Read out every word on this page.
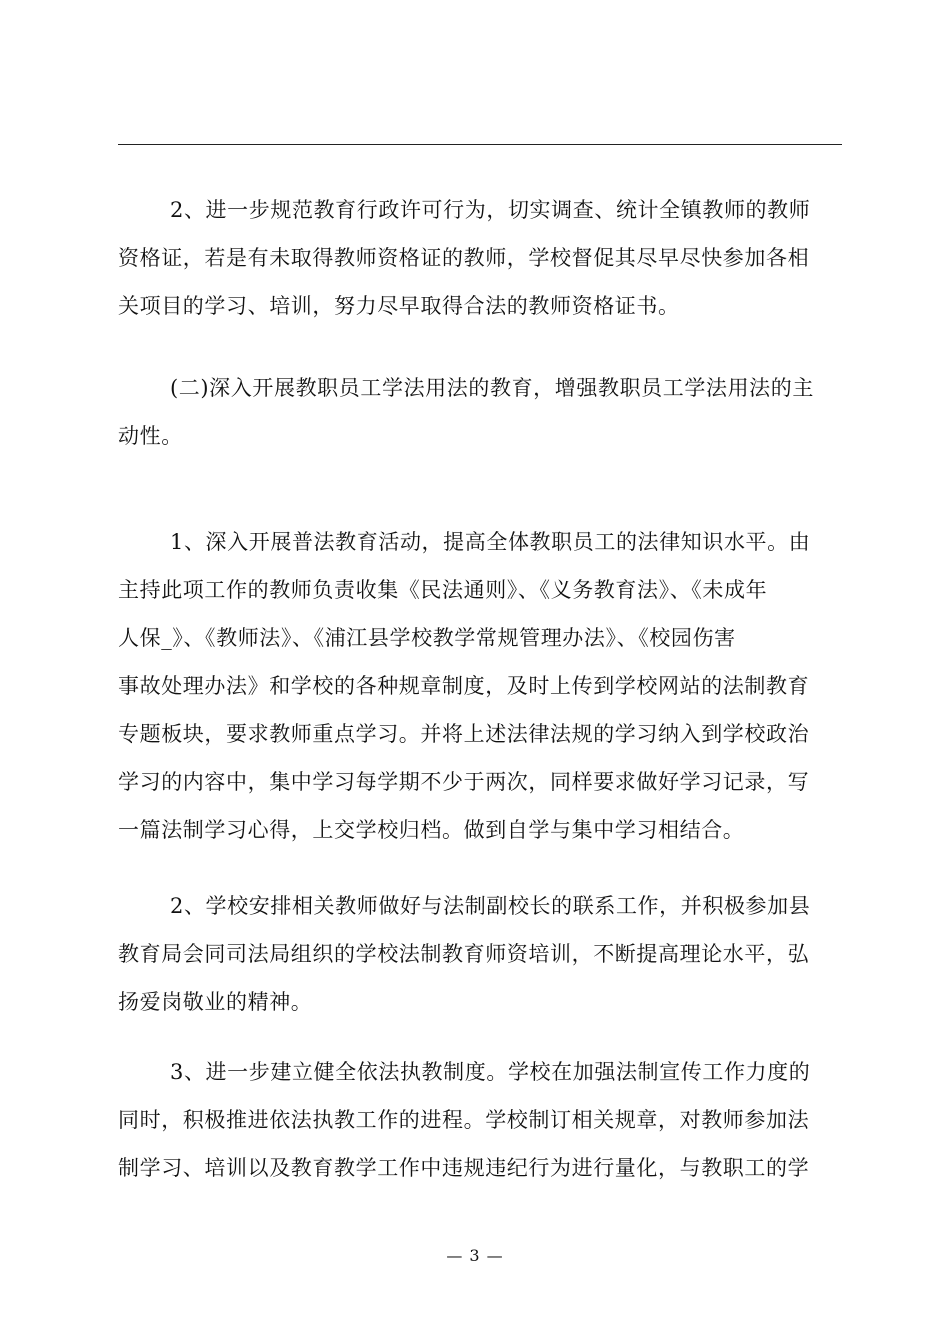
2、进一步规范教育行政许可行为，切实调查、统计全镇教师的教师
资格证，若是有未取得教师资格证的教师，学校督促其尽早尽快参加各相
关项目的学习、培训，努力尽早取得合法的教师资格证书。

(二)深入开展教职员工学法用法的教育，增强教职员工学法用法的主
动性。

1、深入开展普法教育活动，提高全体教职员工的法律知识水平。由
主持此项工作的教师负责收集《民法通则》、《义务教育法》、《未成年
人保_》、《教师法》、《浦江县学校教学常规管理办法》、《校园伤害
事故处理办法》和学校的各种规章制度，及时上传到学校网站的法制教育
专题板块，要求教师重点学习。并将上述法律法规的学习纳入到学校政治
学习的内容中，集中学习每学期不少于两次，同样要求做好学习记录，写
一篇法制学习心得，上交学校归档。做到自学与集中学习相结合。

2、学校安排相关教师做好与法制副校长的联系工作，并积极参加县
教育局会同司法局组织的学校法制教育师资培训，不断提高理论水平，弘
扬爱岗敬业的精神。

3、进一步建立健全依法执教制度。学校在加强法制宣传工作力度的
同时，积极推进依法执教工作的进程。学校制订相关规章，对教师参加法
制学习、培训以及教育教学工作中违规违纪行为进行量化，与教职工的学

— 3 —
